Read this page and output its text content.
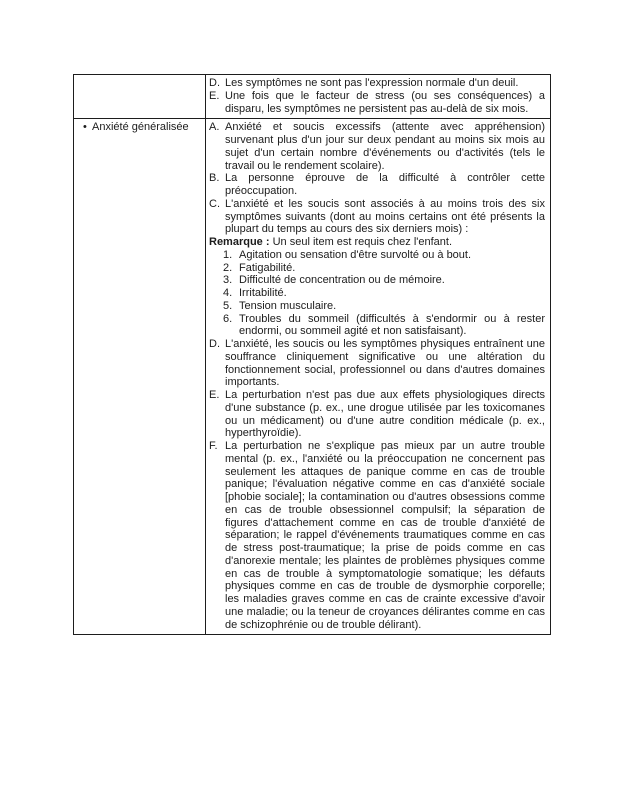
	D. Les symptômes ne sont pas l'expression normale d'un deuil.
E. Une fois que le facteur de stress (ou ses conséquences) a disparu, les symptômes ne persistent pas au-delà de six mois.

• Anxiété généralisée	A. Anxiété et soucis excessifs (attente avec appréhension) survenant plus d'un jour sur deux pendant au moins six mois au sujet d'un certain nombre d'événements ou d'activités (tels le travail ou le rendement scolaire).
B. La personne éprouve de la difficulté à contrôler cette préoccupation.
C. L'anxiété et les soucis sont associés à au moins trois des six symptômes suivants (dont au moins certains ont été présents la plupart du temps au cours des six derniers mois) :
Remarque : Un seul item est requis chez l'enfant.
1. Agitation ou sensation d'être survolté ou à bout.
2. Fatigabilité.
3. Difficulté de concentration ou de mémoire.
4. Irritabilité.
5. Tension musculaire.
6. Troubles du sommeil (difficultés à s'endormir ou à rester endormi, ou sommeil agité et non satisfaisant).
D. L'anxiété, les soucis ou les symptômes physiques entraînent une souffrance cliniquement significative ou une altération du fonctionnement social, professionnel ou dans d'autres domaines importants.
E. La perturbation n'est pas due aux effets physiologiques directs d'une substance (p. ex., une drogue utilisée par les toxicomanes ou un médicament) ou d'une autre condition médicale (p. ex., hyperthyroïdie).
F. La perturbation ne s'explique pas mieux par un autre trouble mental (p. ex., l'anxiété ou la préoccupation ne concernent pas seulement les attaques de panique comme en cas de trouble panique; l'évaluation négative comme en cas d'anxiété sociale [phobie sociale]; la contamination ou d'autres obsessions comme en cas de trouble obsessionnel compulsif; la séparation de figures d'attachement comme en cas de trouble d'anxiété de séparation; le rappel d'événements traumatiques comme en cas de stress post-traumatique; la prise de poids comme en cas d'anorexie mentale; les plaintes de problèmes physiques comme en cas de trouble à symptomatologie somatique; les défauts physiques comme en cas de trouble de dysmorphie corporelle; les maladies graves comme en cas de crainte excessive d'avoir une maladie; ou la teneur de croyances délirantes comme en cas de schizophrénie ou de trouble délirant).
